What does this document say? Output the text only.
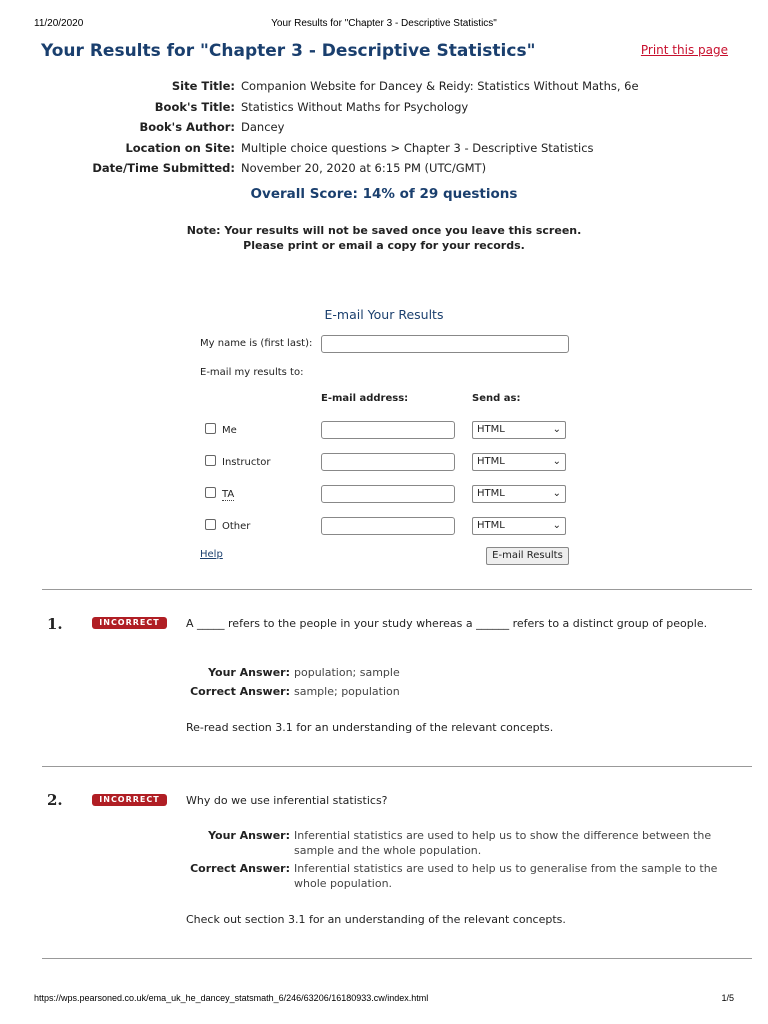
11/20/2020	Your Results for "Chapter 3 - Descriptive Statistics"
Your Results for "Chapter 3 - Descriptive Statistics"	Print this page
Site Title: Companion Website for Dancey & Reidy: Statistics Without Maths, 6e
Book's Title: Statistics Without Maths for Psychology
Book's Author: Dancey
Location on Site: Multiple choice questions > Chapter 3 - Descriptive Statistics
Date/Time Submitted: November 20, 2020 at 6:15 PM (UTC/GMT)
Overall Score: 14% of 29 questions
Note: Your results will not be saved once you leave this screen.
Please print or email a copy for your records.
E-mail Your Results
My name is (first last):
E-mail my results to:
E-mail address:	Send as:
Me	HTML	⌄
Instructor	HTML	⌄
TA	HTML	⌄
Other	HTML	⌄
Help	E-mail Results
1.	INCORRECT	A _____ refers to the people in your study whereas a ______ refers to a distinct group of people.
Your Answer: population; sample
Correct Answer: sample; population
Re-read section 3.1 for an understanding of the relevant concepts.
2.	INCORRECT	Why do we use inferential statistics?
Your Answer: Inferential statistics are used to help us to show the difference between the sample and the whole population.
Correct Answer: Inferential statistics are used to help us to generalise from the sample to the whole population.
Check out section 3.1 for an understanding of the relevant concepts.
https://wps.pearsoned.co.uk/ema_uk_he_dancey_statsmath_6/246/63206/16180933.cw/index.html	1/5
